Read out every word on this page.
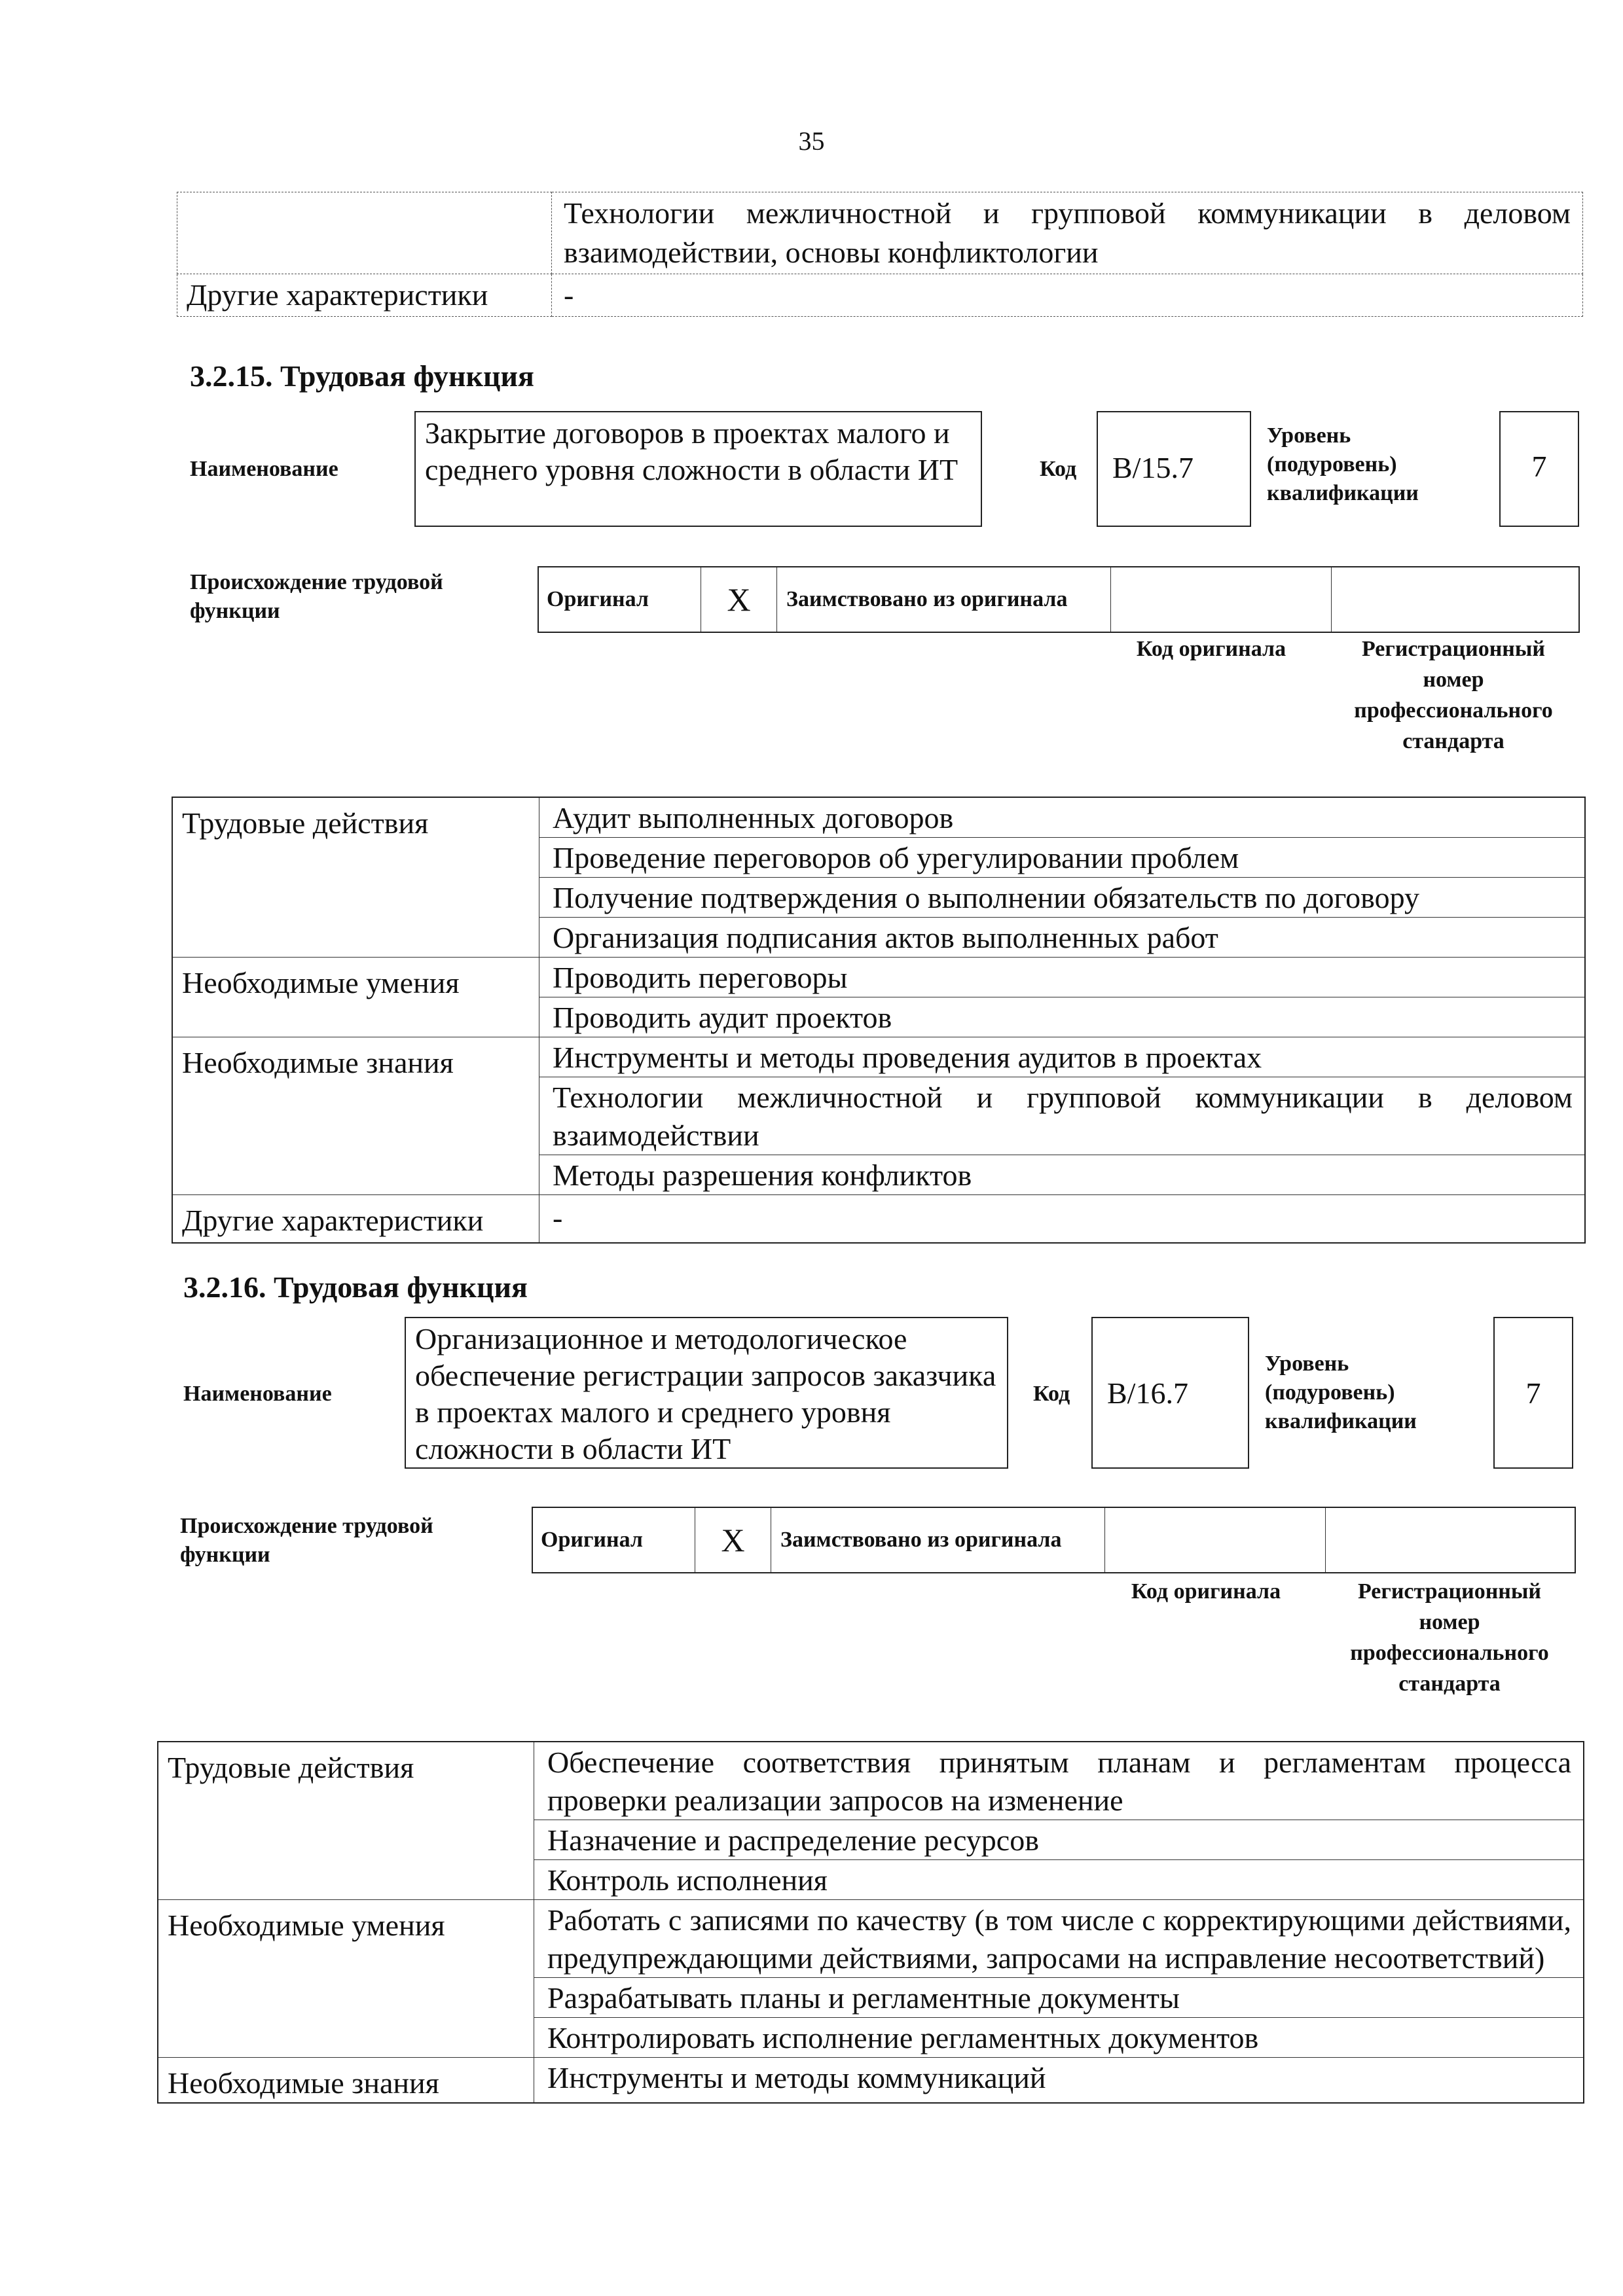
35
	Технологии межличностной и групповой коммуникации в деловом взаимодействии, основы конфликтологии
Другие характеристики	-
3.2.15. Трудовая функция
Наименование
Закрытие договоров в проектах малого и среднего уровня сложности в области ИТ	Код	B/15.7
Уровень (подуровень) квалификации
7
Происхождение трудовой функции	Оригинал	X	Заимствовано из оригинала		
Код оригинала	Регистрационный номер профессионального стандарта
Трудовые действия	Аудит выполненных договоров
	Проведение переговоров об урегулировании проблем
	Получение подтверждения о выполнении обязательств по договору
	Организация подписания актов выполненных работ
Необходимые умения	Проводить переговоры
	Проводить аудит проектов
Необходимые знания	Инструменты и методы проведения аудитов в проектах
	Технологии межличностной и групповой коммуникации в деловом взаимодействии
	Методы разрешения конфликтов
Другие характеристики	-
3.2.16. Трудовая функция
Наименование
Организационное и методологическое обеспечение регистрации запросов заказчика в проектах малого и среднего уровня сложности в области ИТ
Код	B/16.7
Уровень (подуровень) квалификации
7
Происхождение трудовой функции
Оригинал	X	Заимствовано из оригинала		
Код оригинала	Регистрационный номер профессионального стандарта
Трудовые действия	Обеспечение соответствия принятым планам и регламентам процесса проверки реализации запросов на изменение
	Назначение и распределение ресурсов
	Контроль исполнения
Необходимые умения	Работать с записями по качеству (в том числе с корректирующими действиями, предупреждающими действиями, запросами на исправление несоответствий)
	Разрабатывать планы и регламентные документы
	Контролировать исполнение регламентных документов
Необходимые знания	Инструменты и методы коммуникаций
